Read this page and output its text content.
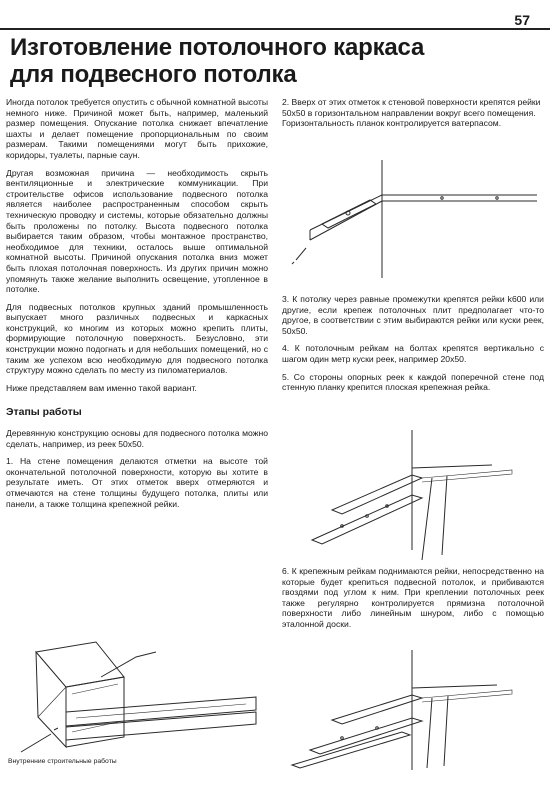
57
Изготовление потолочного каркаса
для подвесного потолка

Иногда потолок требуется опустить с обычной комнатной высоты немного ниже. Причиной может быть, например, маленький размер помещения. Опускание потолка снижает впечатление шахты и делает помещение пропорциональным по своим размерам. Такими помещениями могут быть прихожие, коридоры, туалеты, парные саун.

Другая возможная причина — необходимость скрыть вентиляционные и электрические коммуникации. При строительстве офисов использование подвесного потолка является наиболее распространенным способом скрыть техническую проводку и системы, которые обязательно должны быть проложены по потолку. Высота подвесного потолка выбирается таким образом, чтобы монтажное пространство, необходимое для техники, осталось выше оптимальной комнатной высоты. Причиной опускания потолка вниз может быть плохая потолочная поверхность. Из других причин можно упомянуть также желание выполнить освещение, утопленное в потолке.

Для подвесных потолков крупных зданий промышленность выпускает много различных подвесных и каркасных конструкций, ко многим из которых можно крепить плиты, формирующие потолочную поверхность. Безусловно, эти конструкции можно подогнать и для небольших помещений, но с таким же успехом всю необходимую для подвесного потолка структуру можно сделать по месту из пиломатериалов.

Ниже представляем вам именно такой вариант.

Этапы работы

Деревянную конструкцию основы для подвесного потолка можно сделать, например, из реек 50x50.

1. На стене помещения делаются отметки на высоте той окончательной потолочной поверхности, которую вы хотите в результате иметь. От этих отметок вверх отмеряются и отмечаются на стене толщины будущего потолка, плиты или панели, а также толщина крепежной рейки.

Внутренние строительные работы

2. Вверх от этих отметок к стеновой поверхности крепятся рейки 50x50 в горизонтальном направлении вокруг всего помещения. Горизонтальность планок контролируется ватерпасом.

3. К потолку через равные промежутки крепятся рейки k600 или другие, если крепеж потолочных плит предполагает что-то другое, в соответствии с этим выбираются рейки или куски реек, 50x50.

4. К потолочным рейкам на болтах крепятся вертикально с шагом один метр куски реек, например 20x50.

5. Со стороны опорных реек к каждой поперечной стене под стенную планку крепится плоская крепежная рейка.

6. К крепежным рейкам поднимаются рейки, непосредственно на которые будет крепиться подвесной потолок, и прибиваются гвоздями под углом к ним. При креплении потолочных реек также регулярно контролируется прямизна потолочной поверхности либо линейным шнуром, либо с помощью эталонной доски.
